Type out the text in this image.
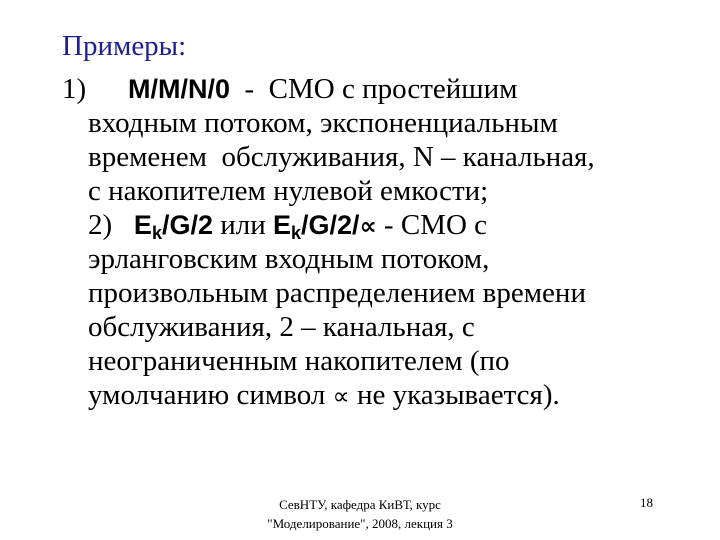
Примеры:
1) M/M/N/0  -  СМО с простейшим
входным потоком, экспоненциальным
временем  обслуживания, N – канальная,
с накопителем нулевой емкости;
2) $E_k/G/2$ или $E_k/G/2/\propto$ - СМО с
эрланговским входным потоком,
произвольным распределением времени
обслуживания, 2 – канальная, с
неограниченным накопителем (по
умолчанию символ ∝ не указывается).
СевНТУ, кафедра КиВТ, курс
"Моделирование", 2008, лекция 3
18
